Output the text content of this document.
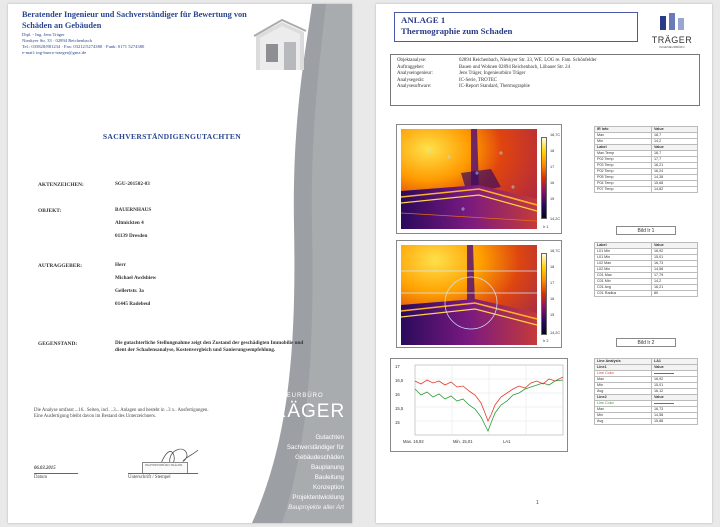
Beratender Ingenieur und Sachverständiger für Bewertung von Schäden an Gebäuden
Dipl. - Ing. Jens Träger
Nieskyer Str. 33 · 02894 Reichenbach
Tel.: 035828/881234 · Fax: 03212/5274380 · Funk: 0171 5274380
e-mail: ing-buero-traeger@gmx.de
SACHVERSTÄNDIGENGUTACHTEN
AKTENZEICHEN:	SGU-201502-03
OBJEKT:	BAUERNHAUS
Altmickten 4
01139 Dresden
AUTRAGGEBER:	Herr
Michael Awdshiew
Gellertstr. 3a
01445 Radebeul
GEGENSTAND:	Die gutachterliche Stellungnahme zeigt den Zustand der geschädigten Immobilie und dient der Schadensanalyse, Kostenvergleich und Sanierungsempfehlung.
Die Analyse umfasst ...16.. Seiten, incl. ..3... Anlagen und besteht in ..3 x.. Ausfertigungen.
Eine Ausfertigung bleibt davon im Bestand des Unterzeichners.
06.03.2015
Datum
INGENIEURBÜRO TRÄGER
Unterschrift / Stempel
INGENIEURBÜRO
TRÄGER
Gutachten
Sachverständiger für
Gebäudeschäden
Bauplanung
Bauleitung
Konzeption
Projektentwicklung
Bauprojekte aller Art
ANLAGE 1
Thermographie zum Schaden
TRÄGER
INGENIEURBÜRO
Objektanalyse:	02894 Reichenbach, Nieskyer Str. 33, WE. LOG re. Fam. Schönfelder
Auftraggeber:	Bauen und Wohnen 02894 Reichenbach, Löbauer Str. 24
Analyseingenieur:	Jens Träger, Ingenieurbüro Träger
Analysegerät:	IC-Serie, TROTEC
Analysesoftware:	IC-Report Standard, Thermographie
18,7C
18
17
16
15
14,2C
Ir 1
IR Info	Value
Max	18,7
Min	14,2
Label	Value
Max.Temp	18,7
P02 Temp	17,7
P03 Temp	16,21
P02 Temp	16,24
P05 Temp	14,38
P04 Temp	15,68
P07 Temp	14,82
Bild Ir 1
18,7C
18
17
16
15
14,2C
Ir 2
Label	Value
L01 Min	16,92
L01 Min	15,01
L02 Max	16,73
L02 Min	14,58
C01 Max	17,79
C01 Min	14,2
C01 Avg	16,21
C01 Radius	80
Bild Ir 2
17
16,5
16
15,5
15
Max. 16,92	Min. 15,01	LA1
Line Analysis	LA1
Line1	Value
Line Color	
Max	16,92
Min	15,01
Avg	16,12
Line2	Value
Line Color	
Max	16,73
Min	14,58
Avg	15,88
1
